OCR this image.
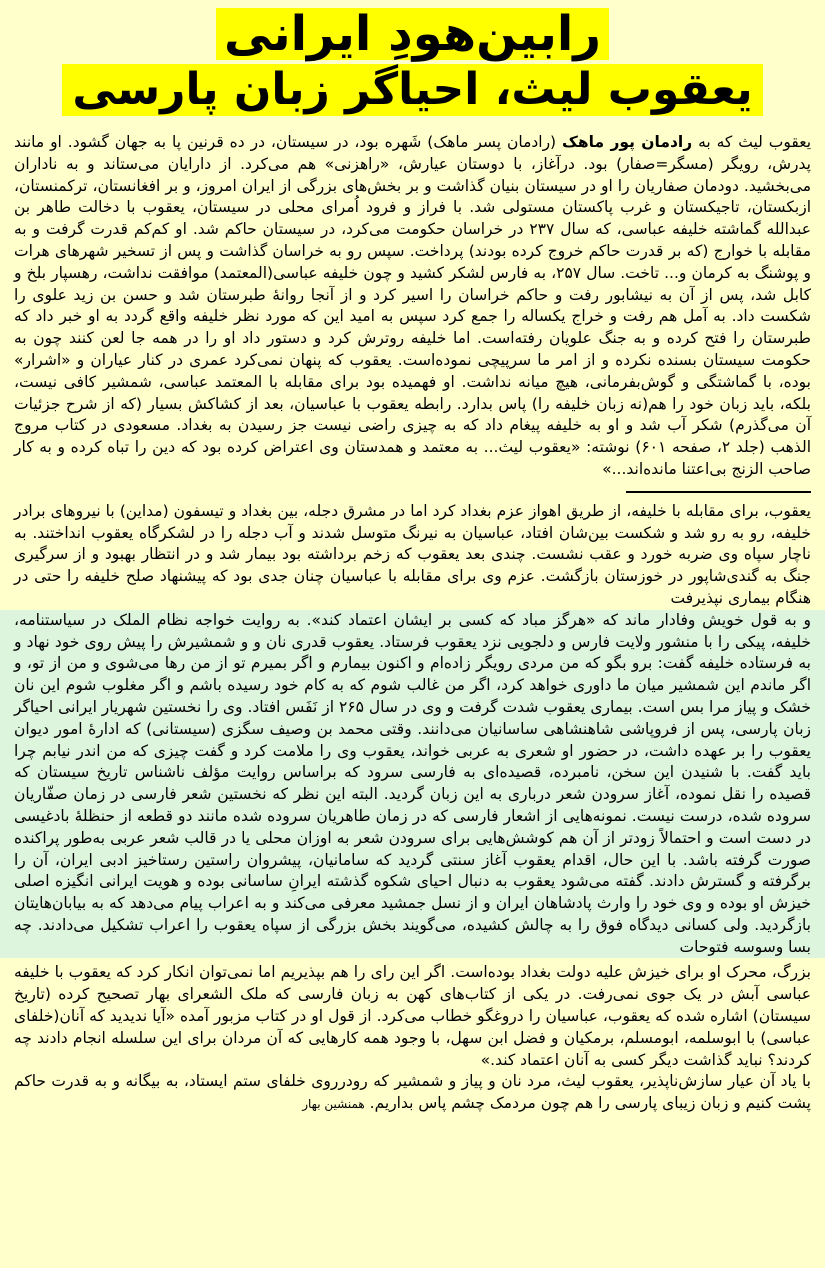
رابین‌هودِ ایرانی
یعقوب لیث، احیاگر زبان پارسی

یعقوب لیث که به رادمان پور ماهک (رادمان پسر ماهک) شَهره بود، در سیستان، در ده قرنین پا به جهان گشود. او مانند پدرش، رویگر (مسگر=صفار) بود. درآغاز، با دوستان عیارش، «راهزنی» هم می‌کرد. از دارایان می‌ستاند و به ناداران می‌بخشید. دودمان صفاریان را او در سیستان بنیان گذاشت و بر بخش‌های بزرگی از ایران امروز، و بر افغانستان، ترکمنستان، ازبکستان، تاجیکستان و غرب پاکستان مستولی شد. با فراز و فرود اُمرای محلی در سیستان، یعقوب با دخالت طاهر بن عبدالله گماشته خلیفه عباسی، که سال ۲۳۷ در خراسان حکومت می‌کرد، در سیستان حاکم شد. او کم‌کم قدرت گرفت و به مقابله با خوارج (که بر قدرت حاکم خروج کرده بودند) پرداخت. سپس رو به خراسان گذاشت و پس از تسخیر شهرهای هرات و پوشنگ به کرمان و... تاخت. سال ۲۵۷، به فارس لشکر کشید و چون خلیفه عباسی(المعتمد) موافقت نداشت، رهسپار بلخ و کابل شد، پس از آن به نیشابور رفت و حاکم خراسان را اسیر کرد و از آنجا روانهٔ طبرستان شد و حسن بن زید علوی را شکست داد. به آمل هم رفت و خراج یکساله را جمع کرد سپس به امید این که مورد نظر خلیفه واقع گردد به او خبر داد که طبرستان را فتح کرده و به جنگ علویان رفته‌است. اما خلیفه روترش کرد و دستور داد او را در همه جا لعن کنند چون به حکومت سیستان بسنده نکرده و از امر ما سرپیچی نموده‌است. یعقوب که پنهان نمی‌کرد عمری در کنار عیاران و «اشرار» بوده، با گماشتگی و گوش‌بفرمانی، هیچ میانه نداشت. او فهمیده بود برای مقابله با المعتمد عباسی، شمشیر کافی نیست، بلکه، باید زبان خود را هم(نه زبان خلیفه را) پاس بدارد. رابطه یعقوب با عباسیان، بعد از کشاکش بسیار (که از شرح جزئیات آن می‌گذرم) شکر آب شد و او به خلیفه پیغام داد که به چیزی راضی نیست جز رسیدن به بغداد. مسعودی در کتاب مروج الذهب (جلد ۲، صفحه ۶۰۱) نوشته: «یعقوب لیث... به معتمد و همدستان وی اعتراض کرده بود که دین را تباه کرده و به کار صاحب الزنج بی‌اعتنا مانده‌اند...»

یعقوب، برای مقابله با خلیفه، از طریق اهواز عزم بغداد کرد اما در مشرق دجله، بین بغداد و تیسفون (مداین) با نیروهای برادر خلیفه، رو به رو شد و شکست بین‌شان افتاد، عباسیان به نیرنگ متوسل شدند و آب دجله را در لشکرگاه یعقوب انداختند. به ناچار سپاه وی ضربه خورد و عقب نشست. چندی بعد یعقوب که زخم برداشته بود بیمار شد و در انتظار بهبود و از سرگیری جنگ به گندی‌شاپور در خوزستان بازگشت. عزم وی برای مقابله با عباسیان چنان جدی بود که پیشنهاد صلح خلیفه را حتی در هنگام بیماری نپذیرفت

و به قول خویش وفادار ماند که «هرگز مباد که کسی بر ایشان اعتماد کند». به روایت خواجه نظام الملک در سیاستنامه، خلیفه، پیکی را با منشور ولایت فارس و دلجویی نزد یعقوب فرستاد. یعقوب قدری نان و و شمشیرش را پیش روی خود نهاد و به فرستاده خلیفه گفت: برو بگو که من مردی رویگر زاده‌ام و اکنون بیمارم و اگر بمیرم تو از من رها می‌شوی و من از تو، و اگر ماندم این شمشیر میان ما داوری خواهد کرد، اگر من غالب شوم که به کام خود رسیده باشم و اگر مغلوب شوم این نان خشک و پیاز مرا بس است. بیماری یعقوب شدت گرفت و وی در سال ۲۶۵ از نَفَس افتاد. وی را نخستین شهریار ایرانی احیاگر زبان پارسی، پس از فروپاشی شاهنشاهی ساسانیان می‌دانند. وقتی محمد بن وصیف سگزی (سیستانی) که ادارهٔ امور دیوان یعقوب را بر عهده داشت، در حضور او شعری به عربی خواند، یعقوب وی را ملامت کرد و گفت چیزی که من اندر نیابم چرا باید گفت. با شنیدن این سخن، نامبرده، قصیده‌ای به فارسی سرود که براساس روایت مؤلف ناشناس تاریخ سیستان که قصیده را نقل نموده، آغاز سرودن شعر درباری به این زبان گردید. البته این نظر که نخستین شعر فارسی در زمان صفّاریان سروده شده، درست نیست. نمونه‌هایی از اشعار فارسی که در زمان طاهریان سروده شده مانند دو قطعه از حنظلهٔ بادغیسی در دست است و احتمالاً زودتر از آن هم کوشش‌هایی برای سرودن شعر به اوزان محلی یا در قالب شعر عربی به‌طور پراکنده صورت گرفته باشد. با این حال، اقدام یعقوب آغاز سنتی گردید که سامانیان، پیشروان راستین رستاخیز ادبی ایران، آن را برگرفته و گسترش دادند. گفته می‌شود یعقوب به دنبال احیای شکوه گذشته ایرانِ ساسانی بوده و هویت ایرانی انگیزه اصلی خیزش او بوده و وی خود را وارث پادشاهان ایران و از نسل جمشید معرفی می‌کند و به اعراب پیام می‌دهد که به بیابان‌هایتان بازگردید. ولی کسانی دیدگاه فوق را به چالش کشیده، می‌گویند بخش بزرگی از سپاه یعقوب را اعراب تشکیل می‌دادند. چه بسا وسوسه فتوحات

بزرگ، محرک او برای خیزش علیه دولت بغداد بوده‌است. اگر این رای را هم بپذیریم اما نمی‌توان انکار کرد که یعقوب با خلیفه عباسی آبش در یک جوی نمی‌رفت. در یکی از کتاب‌های کهن به زبان فارسی که ملک الشعرای بهار تصحیح کرده (تاریخ سیستان) اشاره شده که یعقوب، عباسیان را دروغگو خطاب می‌کرد. از قول او در کتاب مزبور آمده «آیا ندیدید که آنان(خلفای عباسی) با ابوسلمه، ابومسلم، برمکیان و فضل ابن سهل، با وجود همه کارهایی که آن مردان برای این سلسله انجام دادند چه کردند؟ نباید گذاشت دیگر کسی به آنان اعتماد کند.»

با یاد آن عیار سازش‌ناپذیر، یعقوب لیث، مرد نان و پیاز و شمشیر که رودرروی خلفای ستم ایستاد، به بیگانه و به قدرت حاکم پشت کنیم و زبان زیبای پارسی را هم چون مردمک چشم پاس بداریم. همنشین بهار
